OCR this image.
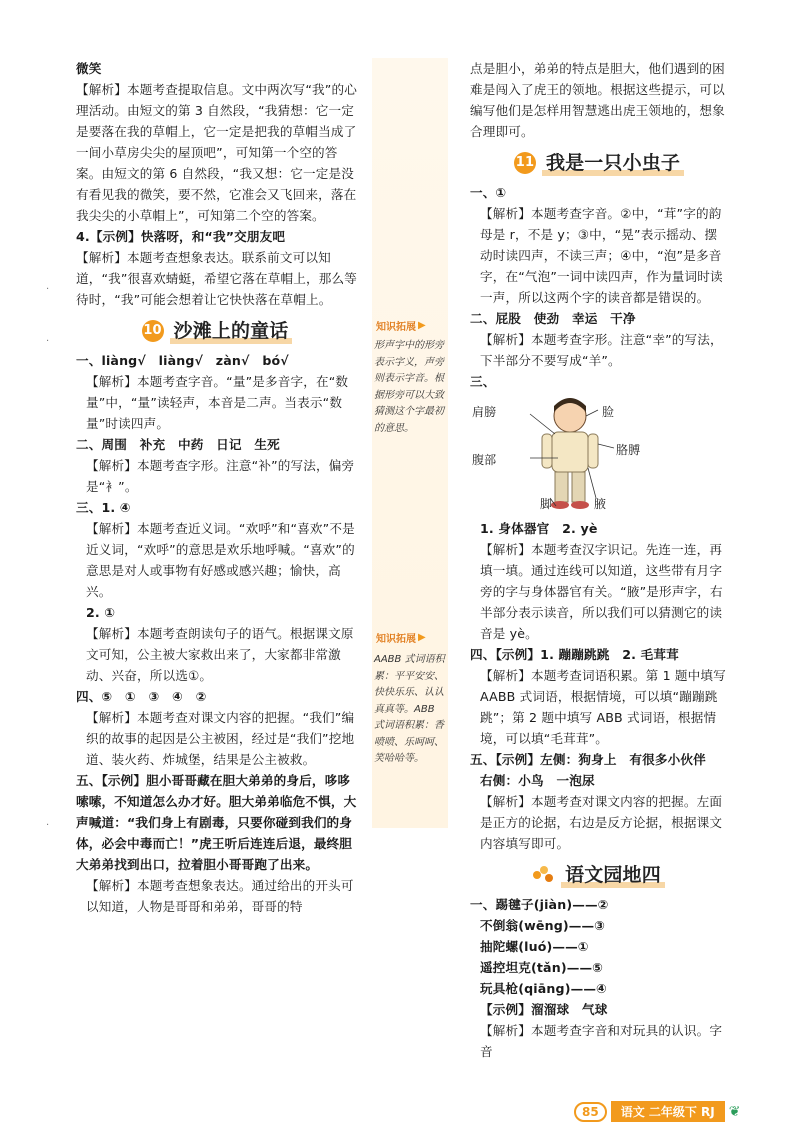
知识拓展 ▶
形声字中的形旁表示字义，声旁则表示字音。根据形旁可以大致猜测这个字最初的意思。
知识拓展 ▶
AABB 式词语积累：平平安安、快快乐乐、认认真真等。ABB 式词语积累：香喷喷、乐呵呵、笑哈哈等。

微笑

【解析】本题考查提取信息。文中两次写“我”的心理活动。由短文的第 3 自然段，“我猜想：它一定是要落在我的草帽上，它一定是把我的草帽当成了一间小草房尖尖的屋顶吧”，可知第一个空的答案。由短文的第 6 自然段，“我又想：它一定是没有看见我的微笑，要不然，它准会又飞回来，落在我尖尖的小草帽上”，可知第二个空的答案。

4.【示例】快落呀，和“我”交朋友吧

【解析】本题考查想象表达。联系前文可以知道，“我”很喜欢蜻蜓，希望它落在草帽上，那么等待时，“我”可能会想着让它快快落在草帽上。

10 沙滩上的童话

一、liàng√　liàng√　zàn√　bó√

【解析】本题考查字音。“量”是多音字，在“数量”中，“量”读轻声，本音是二声。当表示“数量”时读四声。

二、周围　补充　中药　日记　生死

【解析】本题考查字形。注意“补”的写法，偏旁是“衤”。

三、1. ④

【解析】本题考查近义词。“欢呼”和“喜欢”不是近义词，“欢呼”的意思是欢乐地呼喊。“喜欢”的意思是对人或事物有好感或感兴趣；愉快，高兴。

2. ①

【解析】本题考查朗读句子的语气。根据课文原文可知，公主被大家救出来了，大家都非常激动、兴奋，所以选①。

四、⑤　①　③　④　②

【解析】本题考查对课文内容的把握。“我们”编织的故事的起因是公主被困，经过是“我们”挖地道、装火药、炸城堡，结果是公主被救。

五、【示例】胆小哥哥藏在胆大弟弟的身后，哆哆嗦嗦，不知道怎么办才好。胆大弟弟临危不惧，大声喊道：“我们身上有剧毒，只要你碰到我们的身体，必会中毒而亡！”虎王听后连连后退，最终胆大弟弟找到出口，拉着胆小哥哥跑了出来。

【解析】本题考查想象表达。通过给出的开头可以知道，人物是哥哥和弟弟，哥哥的特

点是胆小，弟弟的特点是胆大，他们遇到的困难是闯入了虎王的领地。根据这些提示，可以编写他们是怎样用智慧逃出虎王领地的，想象合理即可。

11 我是一只小虫子

一、①

【解析】本题考查字音。②中，“茸”字的韵母是 r，不是 y；③中，“晃”表示摇动、摆动时读四声，不读三声；④中，“泡”是多音字，在“气泡”一词中读四声，作为量词时读一声，所以这两个字的读音都是错误的。

二、屁股　使劲　幸运　干净

【解析】本题考查字形。注意“幸”的写法，下半部分不要写成“羊”。

三、

肩膀	脸
胳膊
腹部
脚	腋

1. 身体器官　2. yè

【解析】本题考查汉字识记。先连一连，再填一填。通过连线可以知道，这些带有月字旁的字与身体器官有关。“腋”是形声字，右半部分表示读音，所以我们可以猜测它的读音是 yè。

四、【示例】1. 蹦蹦跳跳　2. 毛茸茸

【解析】本题考查词语积累。第 1 题中填写 AABB 式词语，根据情境，可以填“蹦蹦跳跳”；第 2 题中填写 ABB 式词语，根据情境，可以填“毛茸茸”。

五、【示例】左侧：狗身上　有很多小伙伴

右侧：小鸟　一泡尿

【解析】本题考查对课文内容的把握。左面是正方的论据，右边是反方论据，根据课文内容填写即可。

语文园地四

一、踢毽子(jiàn)——②

不倒翁(wēng)——③

抽陀螺(luó)——①

遥控坦克(tǎn)——⑤

玩具枪(qiāng)——④

【示例】溜溜球　气球

【解析】本题考查字音和对玩具的认识。字音

85	语文 二年级下 RJ	❦
·
·
·
